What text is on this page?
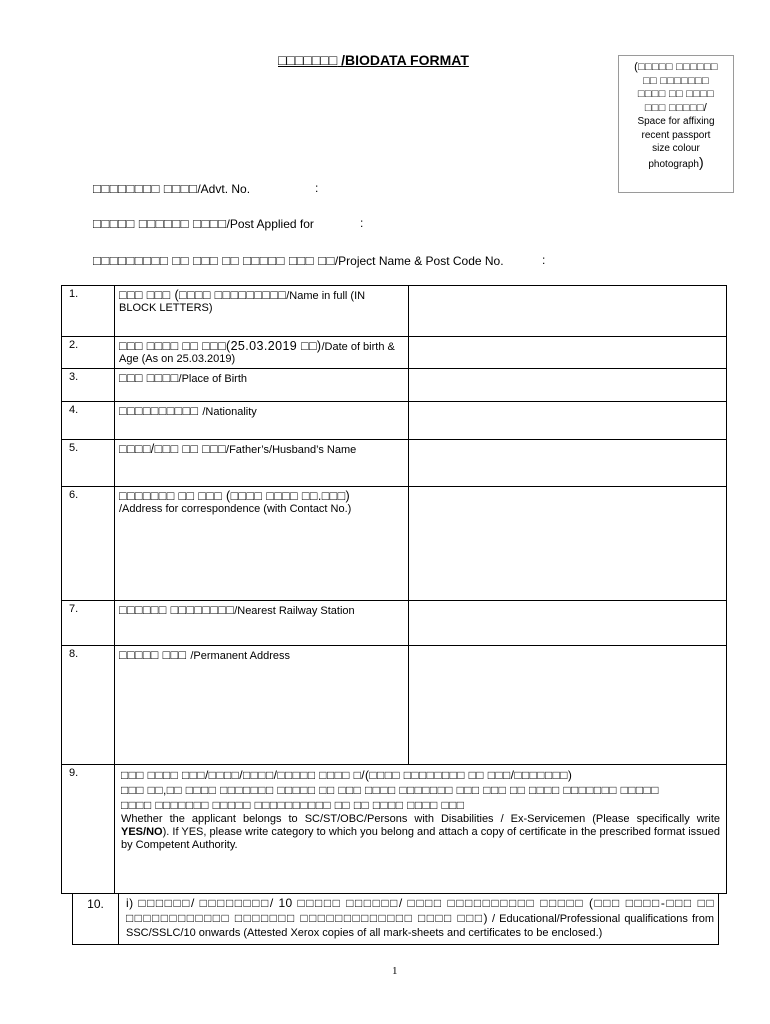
□□□□□□□ /BIODATA FORMAT	(□□□□□ □□□□□□
□□ □□□□□□□
□□□□ □□ □□□□
□□□ □□□□□/
Space for affixing
recent passport
size colour
photograph)
□□□□□□□□ □□□□/Advt. No.	:
□□□□□ □□□□□□ □□□□/Post Applied for	:
□□□□□□□□□ □□ □□□ □□ □□□□□ □□□ □□/Project Name & Post Code No.	:
1.	□□□ □□□ (□□□□ □□□□□□□□□/Name in full (IN BLOCK LETTERS)	
2.	□□□ □□□□ □□ □□□(25.03.2019 □□)/Date of birth & Age (As on 25.03.2019)	
3.	□□□ □□□□/Place of Birth	
4.	□□□□□□□□□□ /Nationality	
5.	□□□□/□□□ □□ □□□/Father’s/Husband’s Name	
6.	□□□□□□□ □□ □□□ (□□□□ □□□□ □□.□□□)
/Address for correspondence (with Contact No.)	
7.	□□□□□□ □□□□□□□□/Nearest Railway Station	
8.	□□□□□ □□□ /Permanent Address	
9.	□□□ □□□□ □□□/□□□□/□□□□/□□□□□ □□□□ □/(□□□□ □□□□□□□□ □□ □□□/□□□□□□□)
□□□ □□,□□ □□□□ □□□□□□□ □□□□□ □□ □□□ □□□□ □□□□□□□ □□□ □□□ □□ □□□□ □□□□□□□ □□□□□
□□□□ □□□□□□□ □□□□□ □□□□□□□□□□ □□ □□ □□□□ □□□□ □□□
Whether the applicant belongs to SC/ST/OBC/Persons with Disabilities / Ex-Servicemen (Please specifically write YES/NO). If YES, please write category to which you belong and attach a copy of certificate in the prescribed format issued by Competent Authority.	
10.	i) □□□□□□/ □□□□□□□□/ 10 □□□□□ □□□□□□/ □□□□ □□□□□□□□□□ □□□□□ (□□□ □□□□-□□□ □□ □□□□□□□□□□□□ □□□□□□□ □□□□□□□□□□□□□ □□□□ □□□) / Educational/Professional qualifications from SSC/SSLC/10 onwards (Attested Xerox copies of all mark-sheets and certificates to be enclosed.)
1
